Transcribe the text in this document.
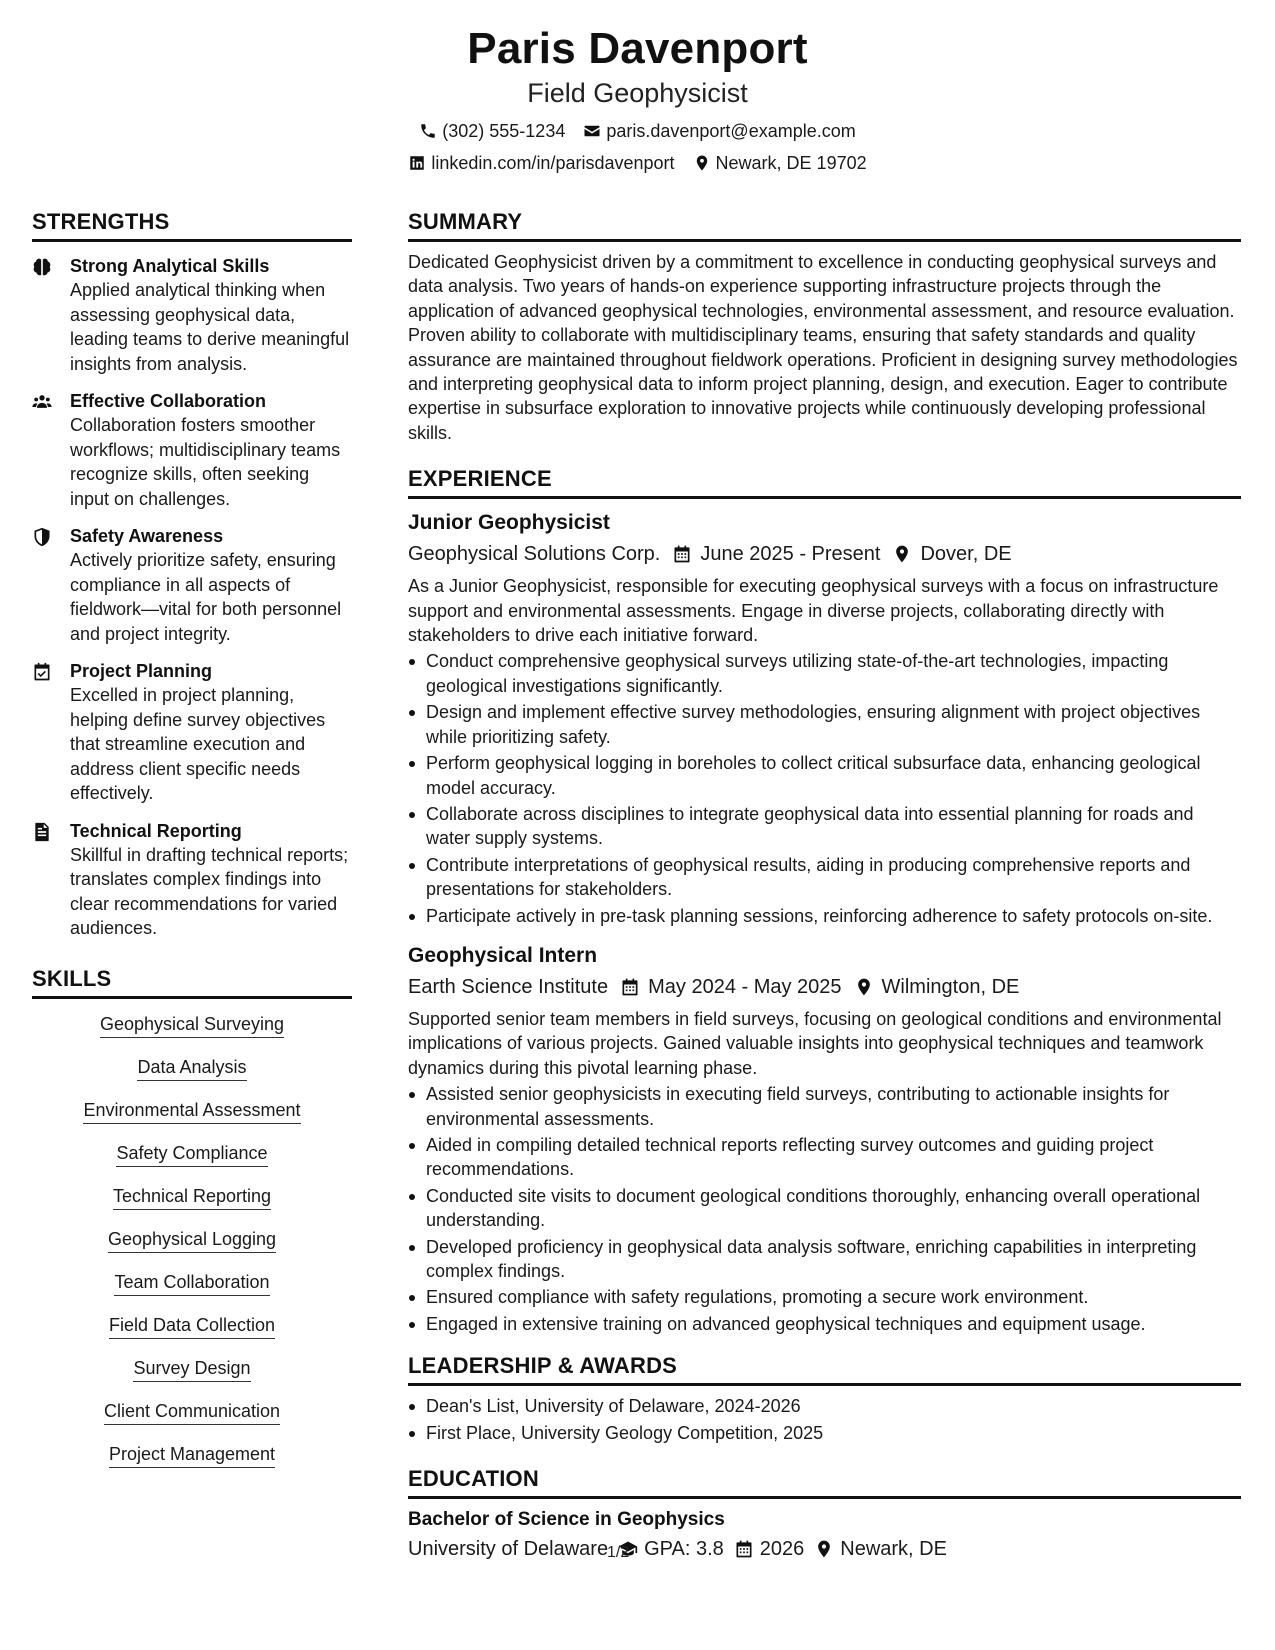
Paris Davenport
Field Geophysicist
(302) 555-1234 paris.davenport@example.com
linkedin.com/in/parisdavenport Newark, DE 19702
STRENGTHS
Strong Analytical Skills
Applied analytical thinking when assessing geophysical data, leading teams to derive meaningful insights from analysis.
Effective Collaboration
Collaboration fosters smoother workflows; multidisciplinary teams recognize skills, often seeking input on challenges.
Safety Awareness
Actively prioritize safety, ensuring compliance in all aspects of fieldwork—vital for both personnel and project integrity.
Project Planning
Excelled in project planning, helping define survey objectives that streamline execution and address client specific needs effectively.
Technical Reporting
Skillful in drafting technical reports; translates complex findings into clear recommendations for varied audiences.
SKILLS
Geophysical Surveying
Data Analysis
Environmental Assessment
Safety Compliance
Technical Reporting
Geophysical Logging
Team Collaboration
Field Data Collection
Survey Design
Client Communication
Project Management
SUMMARY
Dedicated Geophysicist driven by a commitment to excellence in conducting geophysical surveys and data analysis. Two years of hands-on experience supporting infrastructure projects through the application of advanced geophysical technologies, environmental assessment, and resource evaluation. Proven ability to collaborate with multidisciplinary teams, ensuring that safety standards and quality assurance are maintained throughout fieldwork operations. Proficient in designing survey methodologies and interpreting geophysical data to inform project planning, design, and execution. Eager to contribute expertise in subsurface exploration to innovative projects while continuously developing professional skills.
EXPERIENCE
Junior Geophysicist
Geophysical Solutions Corp. June 2025 - Present Dover, DE
As a Junior Geophysicist, responsible for executing geophysical surveys with a focus on infrastructure support and environmental assessments. Engage in diverse projects, collaborating directly with stakeholders to drive each initiative forward.
Conduct comprehensive geophysical surveys utilizing state-of-the-art technologies, impacting geological investigations significantly.
Design and implement effective survey methodologies, ensuring alignment with project objectives while prioritizing safety.
Perform geophysical logging in boreholes to collect critical subsurface data, enhancing geological model accuracy.
Collaborate across disciplines to integrate geophysical data into essential planning for roads and water supply systems.
Contribute interpretations of geophysical results, aiding in producing comprehensive reports and presentations for stakeholders.
Participate actively in pre-task planning sessions, reinforcing adherence to safety protocols on-site.
Geophysical Intern
Earth Science Institute May 2024 - May 2025 Wilmington, DE
Supported senior team members in field surveys, focusing on geological conditions and environmental implications of various projects. Gained valuable insights into geophysical techniques and teamwork dynamics during this pivotal learning phase.
Assisted senior geophysicists in executing field surveys, contributing to actionable insights for environmental assessments.
Aided in compiling detailed technical reports reflecting survey outcomes and guiding project recommendations.
Conducted site visits to document geological conditions thoroughly, enhancing overall operational understanding.
Developed proficiency in geophysical data analysis software, enriching capabilities in interpreting complex findings.
Ensured compliance with safety regulations, promoting a secure work environment.
Engaged in extensive training on advanced geophysical techniques and equipment usage.
LEADERSHIP & AWARDS
Dean's List, University of Delaware, 2024-2026
First Place, University Geology Competition, 2025
EDUCATION
Bachelor of Science in Geophysics
University of Delaware GPA: 3.8 2026 Newark, DE
1/2
